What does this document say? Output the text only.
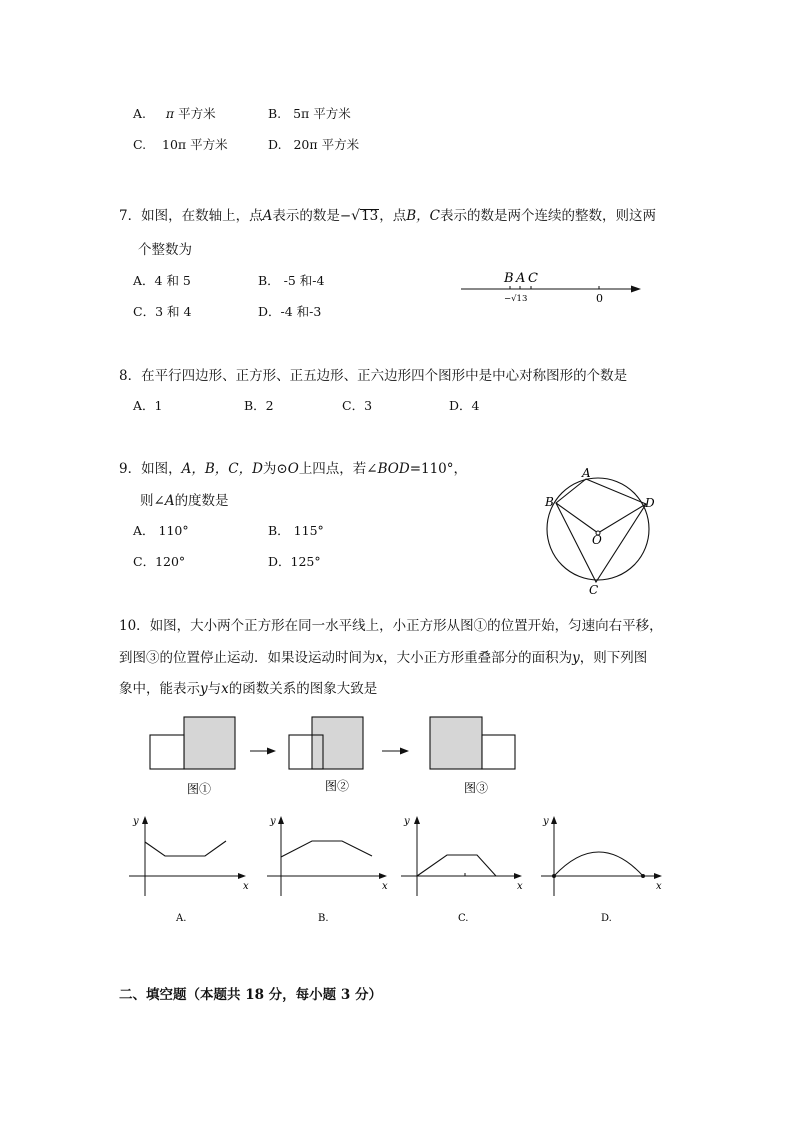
A. π 平方米	B. 5π 平方米
C. 10π 平方米	D. 20π 平方米
7．如图，在数轴上，点A表示的数是−√13，点B，C表示的数是两个连续的整数，则这两
个整数为
A．4 和 5	B． -5 和-4
C．3 和 4	D．-4 和-3
B A C
−√13	0
8．在平行四边形、正方形、正五边形、正六边形四个图形中是中心对称图形的个数是
A．1	B．2	C．3	D．4
9．如图，A，B，C，D为⊙O上四点，若∠BOD=110°，
则∠A的度数是
A． 110°	B． 115°
C．120°	D．125°
A
B	D
O
C
10．如图，大小两个正方形在同一水平线上，小正方形从图①的位置开始，匀速向右平移，
到图③的位置停止运动．如果设运动时间为x，大小正方形重叠部分的面积为y，则下列图
象中，能表示y与x的函数关系的图象大致是
图①	图②	图③
y
x
A.
y
x
B.
y
x
C.
y
x
D.
二、填空题（本题共 18 分，每小题 3 分）
